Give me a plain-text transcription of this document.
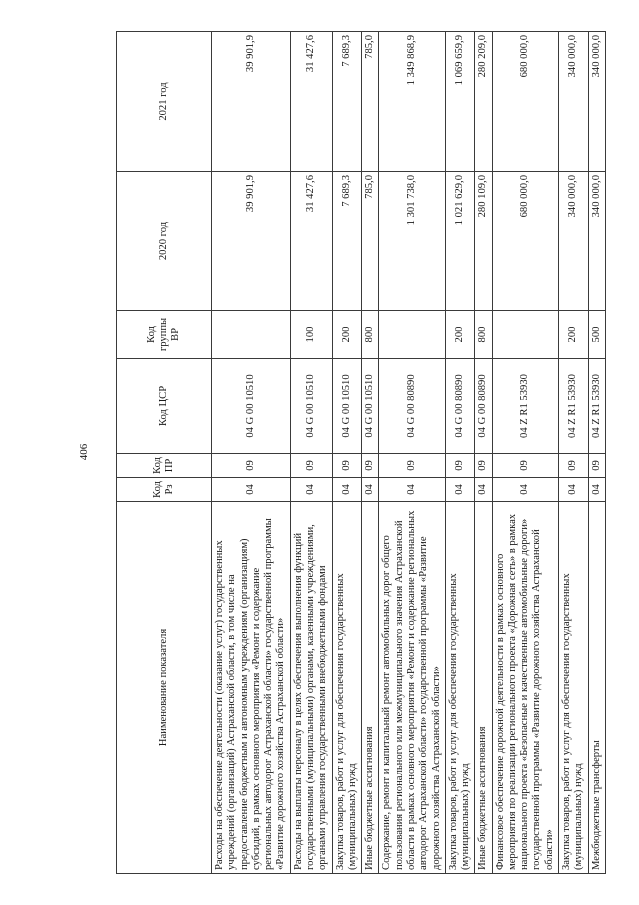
406
Наименование показателя	Код Рз	Код ПР	Код ЦСР	Код группы ВР	2020 год	2021 год
Расходы на обеспечение деятельности (оказание услуг) государственных учреждений (организаций) Астраханской области, в том числе на предоставление бюджетным и автономным учреждениям (организациям) субсидий, в рамках основного мероприятия «Ремонт и содержание региональных автодорог Астраханской области» государственной программы «Развитие дорожного хозяйства Астраханской области»	04	09	04 G 00 10510		39 901,9	39 901,9
Расходы на выплаты персоналу в целях обеспечения выполнения функций государственными (муниципальными) органами, казенными учреждениями, органами управления государственными внебюджетными фондами	04	09	04 G 00 10510	100	31 427,6	31 427,6
Закупка товаров, работ и услуг для обеспечения государственных (муниципальных) нужд	04	09	04 G 00 10510	200	7 689,3	7 689,3
Иные бюджетные ассигнования	04	09	04 G 00 10510	800	785,0	785,0
Содержание, ремонт и капитальный ремонт автомобильных дорог общего пользования регионального или межмуниципального значения Астраханской области в рамках основного мероприятия «Ремонт и содержание региональных автодорог Астраханской области» государственной программы «Развитие дорожного хозяйства Астраханской области»	04	09	04 G 00 80890		1 301 738,0	1 349 868,9
Закупка товаров, работ и услуг для обеспечения государственных (муниципальных) нужд	04	09	04 G 00 80890	200	1 021 629,0	1 069 659,9
Иные бюджетные ассигнования	04	09	04 G 00 80890	800	280 109,0	280 209,0
Финансовое обеспечение дорожной деятельности в рамках основного мероприятия по реализации регионального проекта «Дорожная сеть» в рамках национального проекта «Безопасные и качественные автомобильные дороги» государственной программы «Развитие дорожного хозяйства Астраханской области»	04	09	04 Z R1 53930		680 000,0	680 000,0
Закупка товаров, работ и услуг для обеспечения государственных (муниципальных) нужд	04	09	04 Z R1 53930	200	340 000,0	340 000,0
Межбюджетные трансферты	04	09	04 Z R1 53930	500	340 000,0	340 000,0
